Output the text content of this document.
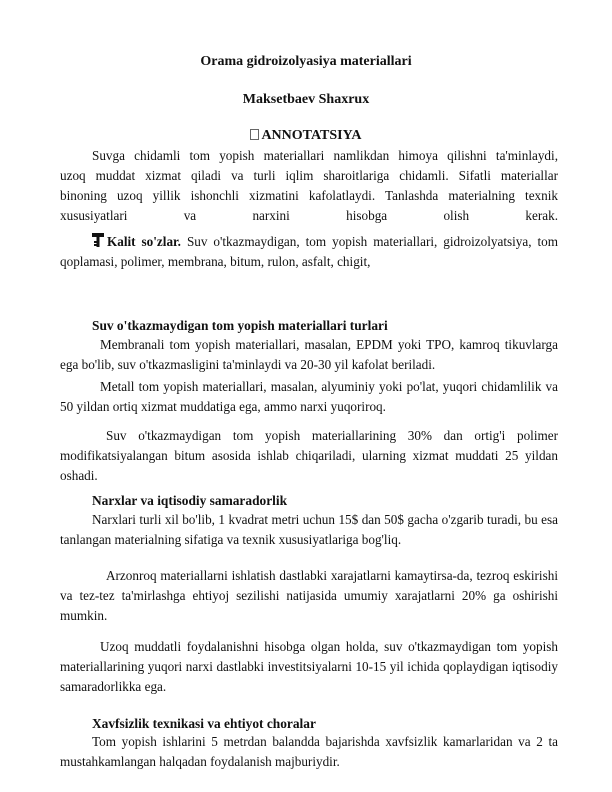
Orama gidroizolyasiya materiallari
Maksetbaev Shaxrux
ANNOTATSIYA
Suvga chidamli tom yopish materiallari namlikdan himoya qilishni ta'minlaydi,
uzoq muddat xizmat qiladi va turli iqlim sharoitlariga chidamli. Sifatli materiallar
binoning uzoq yillik ishonchli xizmatini kafolatlaydi. Tanlashda materialning texnik
xususiyatlari va narxini hisobga olish kerak.
Kalit so'zlar. Suv o'tkazmaydigan, tom yopish materiallari, gidroizolyatsiya, tom qoplamasi, polimer, membrana, bitum, rulon, asfalt, chigit,
Suv o'tkazmaydigan tom yopish materiallari turlari
Membranali tom yopish materiallari, masalan, EPDM yoki TPO, kamroq tikuvlarga ega bo'lib, suv o'tkazmasligini ta'minlaydi va 20-30 yil kafolat beriladi.
Metall tom yopish materiallari, masalan, alyuminiy yoki po'lat, yuqori chidamlilik va 50 yildan ortiq xizmat muddatiga ega, ammo narxi yuqoriroq.
Suv o'tkazmaydigan tom yopish materiallarining 30% dan ortig'i polimer modifikatsiyalangan bitum asosida ishlab chiqariladi, ularning xizmat muddati 25 yildan oshadi.
Narxlar va iqtisodiy samaradorlik
Narxlari turli xil bo'lib, 1 kvadrat metri uchun 15$ dan 50$ gacha o'zgarib turadi, bu esa tanlangan materialning sifatiga va texnik xususiyatlariga bog'liq.
Arzonroq materiallarni ishlatish dastlabki xarajatlarni kamaytirsa-da, tezroq eskirishi va tez-tez ta'mirlashga ehtiyoj sezilishi natijasida umumiy xarajatlarni 20% ga oshirishi mumkin.
Uzoq muddatli foydalanishni hisobga olgan holda, suv o'tkazmaydigan tom yopish materiallarining yuqori narxi dastlabki investitsiyalarni 10-15 yil ichida qoplaydigan iqtisodiy samaradorlikka ega.
Xavfsizlik texnikasi va ehtiyot choralar
Tom yopish ishlarini 5 metrdan balandda bajarishda xavfsizlik kamarlaridan va 2 ta mustahkamlangan halqadan foydalanish majburiydir.
